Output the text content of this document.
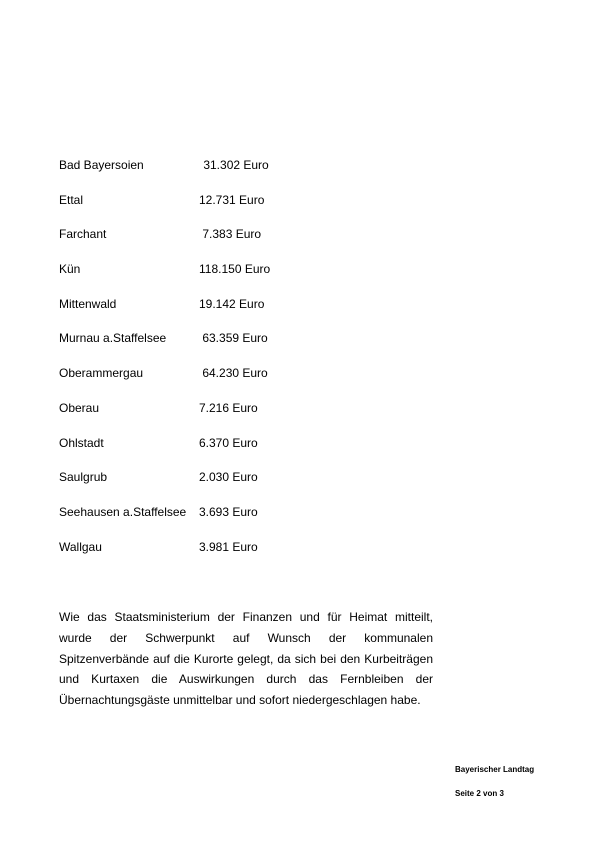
Bad Bayersoien	31.302 Euro
Ettal	12.731 Euro
Farchant	7.383 Euro
Kün	118.150 Euro
Mittenwald	19.142 Euro
Murnau a.Staffelsee	63.359 Euro
Oberammergau	64.230 Euro
Oberau	7.216 Euro
Ohlstadt	6.370 Euro
Saulgrub	2.030 Euro
Seehausen a.Staffelsee 3.693 Euro
Wallgau	3.981 Euro

Wie das Staatsministerium der Finanzen und für Heimat mitteilt, wurde der Schwerpunkt auf Wunsch der kommunalen Spitzenverbände auf die Kurorte gelegt, da sich bei den Kurbeiträgen und Kurtaxen die Auswirkungen durch das Fernbleiben der Übernachtungsgäste unmittelbar und sofort niedergeschlagen habe.

Bayerischer Landtag
Seite 2 von 3
